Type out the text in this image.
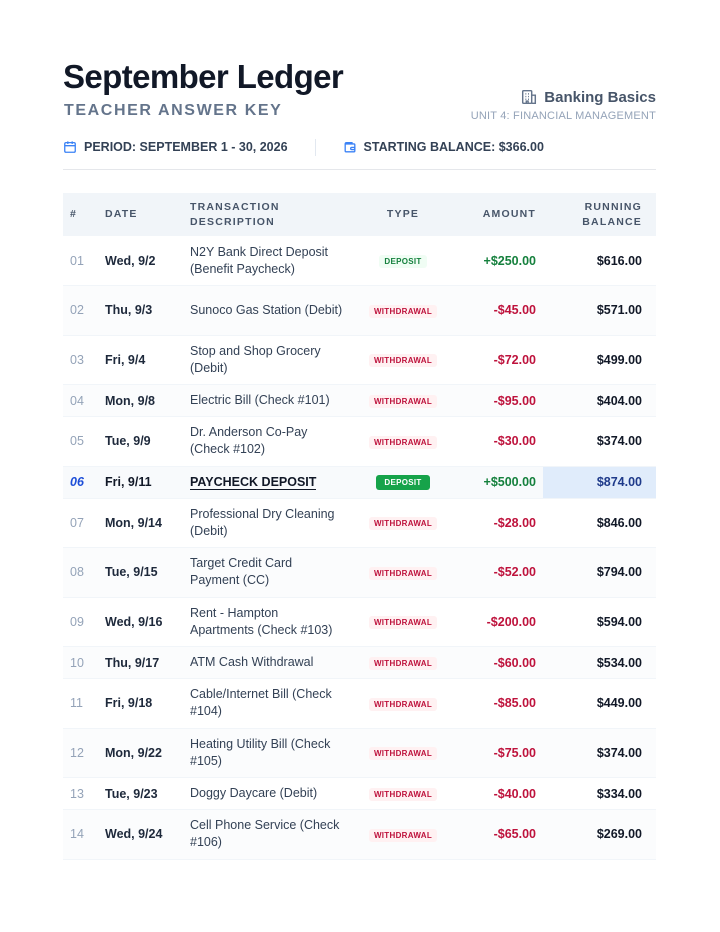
September Ledger
TEACHER ANSWER KEY
Banking Basics
UNIT 4: FINANCIAL MANAGEMENT
PERIOD: SEPTEMBER 1 - 30, 2026	STARTING BALANCE: $366.00
#	DATE	TRANSACTION DESCRIPTION	TYPE	AMOUNT	RUNNING BALANCE
01	Wed, 9/2	N2Y Bank Direct Deposit (Benefit Paycheck)	DEPOSIT	+$250.00	$616.00
02	Thu, 9/3	Sunoco Gas Station (Debit)	WITHDRAWAL	-$45.00	$571.00
03	Fri, 9/4	Stop and Shop Grocery (Debit)	WITHDRAWAL	-$72.00	$499.00
04	Mon, 9/8	Electric Bill (Check #101)	WITHDRAWAL	-$95.00	$404.00
05	Tue, 9/9	Dr. Anderson Co-Pay (Check #102)	WITHDRAWAL	-$30.00	$374.00
06	Fri, 9/11	PAYCHECK DEPOSIT	DEPOSIT	+$500.00	$874.00
07	Mon, 9/14	Professional Dry Cleaning (Debit)	WITHDRAWAL	-$28.00	$846.00
08	Tue, 9/15	Target Credit Card Payment (CC)	WITHDRAWAL	-$52.00	$794.00
09	Wed, 9/16	Rent - Hampton Apartments (Check #103)	WITHDRAWAL	-$200.00	$594.00
10	Thu, 9/17	ATM Cash Withdrawal	WITHDRAWAL	-$60.00	$534.00
11	Fri, 9/18	Cable/Internet Bill (Check #104)	WITHDRAWAL	-$85.00	$449.00
12	Mon, 9/22	Heating Utility Bill (Check #105)	WITHDRAWAL	-$75.00	$374.00
13	Tue, 9/23	Doggy Daycare (Debit)	WITHDRAWAL	-$40.00	$334.00
14	Wed, 9/24	Cell Phone Service (Check #106)	WITHDRAWAL	-$65.00	$269.00
